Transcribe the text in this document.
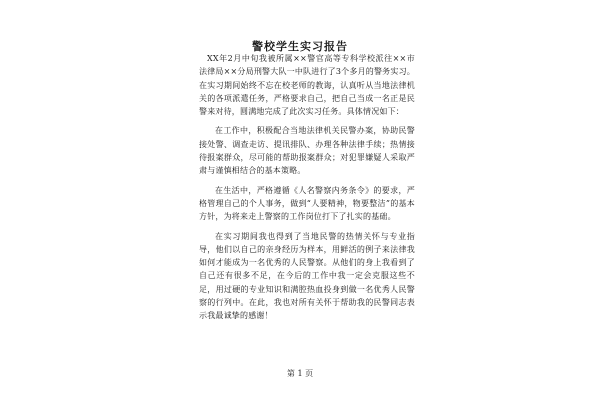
警校学生实习报告

XX年2月中旬我被所属××警官高等专科学校派往××市法律局××分局刑警大队一中队进行了3个多月的警务实习。在实习期间始终不忘在校老师的教诲，认真听从当地法律机关的各项派遣任务，严格要求自己，把自己当成一名正是民警来对待，圆满地完成了此次实习任务。具体情况如下：

在工作中，积极配合当地法律机关民警办案，协助民警接处警、调查走访、提讯排队、办理各种法律手续；热情接待报案群众，尽可能的帮助报案群众；对犯罪嫌疑人采取严肃与谨慎相结合的基本策略。

在生活中，严格遵循《人名警察内务条令》的要求，严格管理自己的个人事务，做到“人要精神，物要整洁”的基本方针，为将来走上警察的工作岗位打下了扎实的基础。

在实习期间我也得到了当地民警的热情关怀与专业指导，他们以自己的亲身经历为样本，用鲜活的例子来法律我如何才能成为一名优秀的人民警察。从他们的身上我看到了自己还有很多不足，在今后的工作中我一定会克服这些不足，用过硬的专业知识和满腔热血投身到做一名优秀人民警察的行列中。在此，我也对所有关怀于帮助我的民警同志表示我最诚挚的感谢！

第 1 页
